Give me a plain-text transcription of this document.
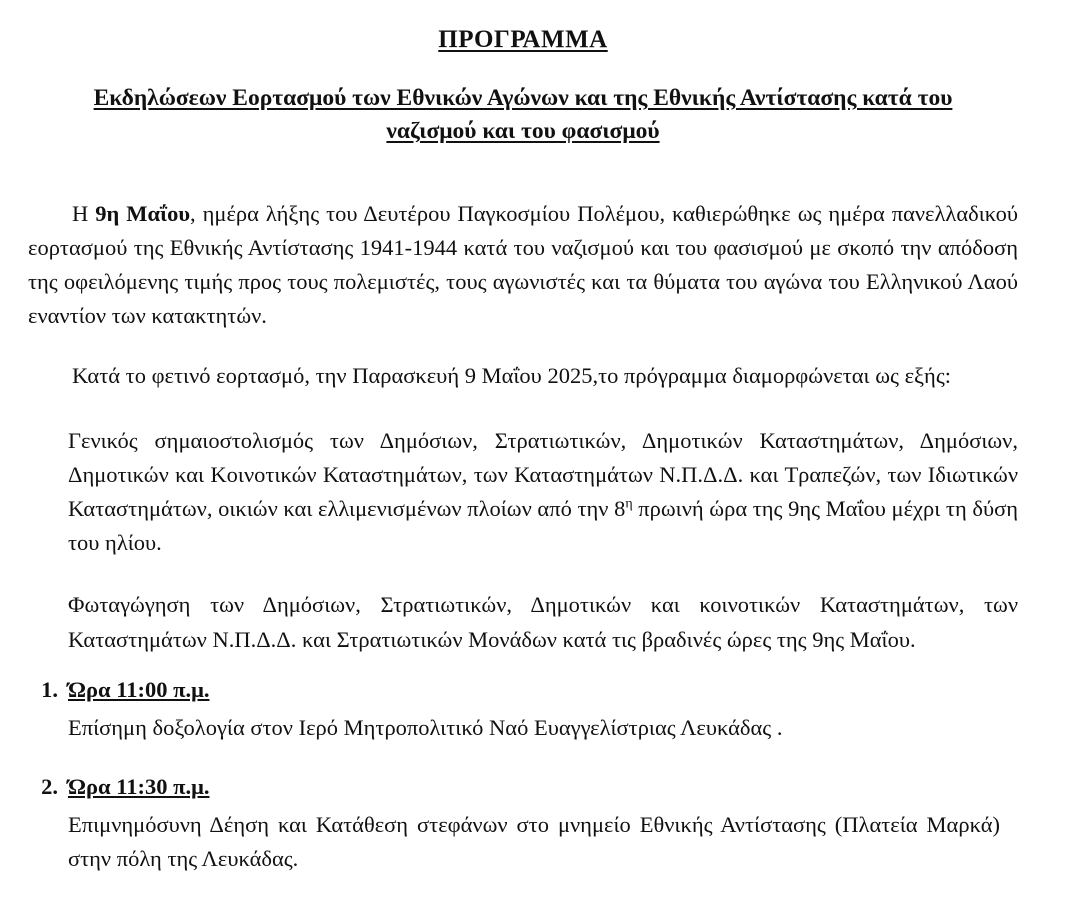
ΠΡΟΓΡΑΜΜΑ
Εκδηλώσεων Εορτασμού των Εθνικών Αγώνων και της Εθνικής Αντίστασης κατά του ναζισμού και του φασισμού

Η 9η Μαΐου, ημέρα λήξης του Δευτέρου Παγκοσμίου Πολέμου, καθιερώθηκε ως ημέρα πανελλαδικού εορτασμού της Εθνικής Αντίστασης 1941-1944 κατά του ναζισμού και του φασισμού με σκοπό την απόδοση της οφειλόμενης τιμής προς τους πολεμιστές, τους αγωνιστές και τα θύματα του αγώνα του Ελληνικού Λαού εναντίον των κατακτητών.

Κατά το φετινό εορτασμό, την Παρασκευή 9 Μαΐου 2025,το πρόγραμμα διαμορφώνεται ως εξής:

Γενικός σημαιοστολισμός των Δημόσιων, Στρατιωτικών, Δημοτικών Καταστημάτων, Δημόσιων, Δημοτικών και Κοινοτικών Καταστημάτων, των Καταστημάτων Ν.Π.Δ.Δ. και Τραπεζών, των Ιδιωτικών Καταστημάτων, οικιών και ελλιμενισμένων πλοίων από την $8^\eta$ πρωινή ώρα της 9ης Μαΐου μέχρι τη δύση του ηλίου.

Φωταγώγηση των Δημόσιων, Στρατιωτικών, Δημοτικών και κοινοτικών Καταστημάτων, των Καταστημάτων Ν.Π.Δ.Δ. και Στρατιωτικών Μονάδων κατά τις βραδινές ώρες της 9ης Μαΐου.

1. Ώρα 11:00 π.μ.
Επίσημη δοξολογία στον Ιερό Μητροπολιτικό Ναό Ευαγγελίστριας Λευκάδας .
2. Ώρα 11:30 π.μ.
Επιμνημόσυνη Δέηση και Κατάθεση στεφάνων στο μνημείο Εθνικής Αντίστασης (Πλατεία Μαρκά) στην πόλη της Λευκάδας.
